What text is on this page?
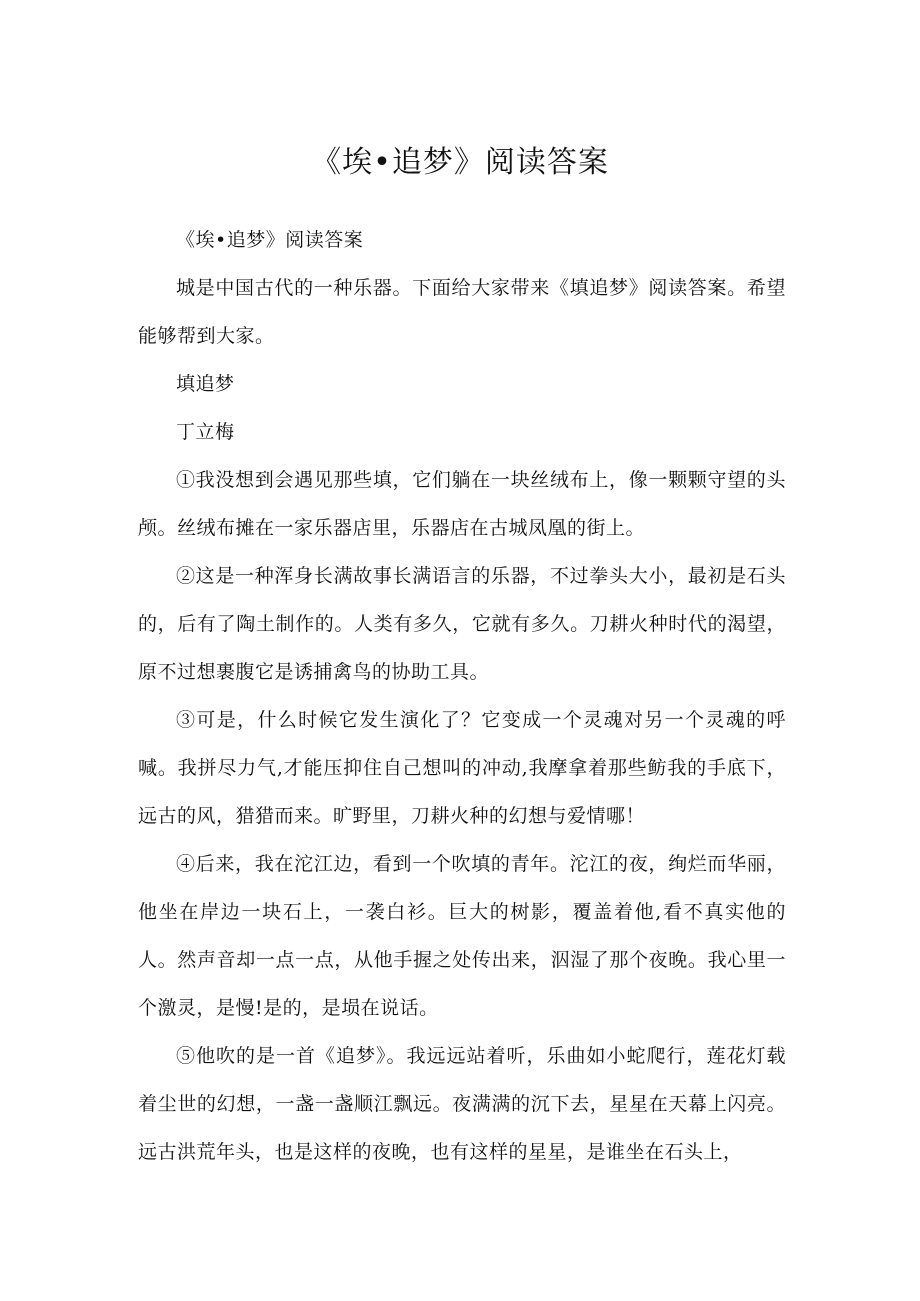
《埃•追梦》阅读答案

《埃•追梦》阅读答案

城是中国古代的一种乐器。下面给大家带来《填追梦》阅读答案。希望能够帮到大家。

填追梦

丁立梅

①我没想到会遇见那些填，它们躺在一块丝绒布上，像一颗颗守望的头颅。丝绒布摊在一家乐器店里，乐器店在古城凤凰的街上。

②这是一种浑身长满故事长满语言的乐器，不过拳头大小，最初是石头的，后有了陶土制作的。人类有多久，它就有多久。刀耕火种时代的渴望，原不过想裹腹它是诱捕禽鸟的协助工具。

③可是，什么时候它发生演化了？它变成一个灵魂对另一个灵魂的呼喊。我拼尽力气,才能压抑住自己想叫的冲动,我摩拿着那些鲂我的手底下，远古的风，猎猎而来。旷野里，刀耕火种的幻想与爱情哪！

④后来，我在沱江边，看到一个吹填的青年。沱江的夜，绚烂而华丽，他坐在岸边一块石上，一袭白衫。巨大的树影，覆盖着他,看不真实他的人。然声音却一点一点，从他手握之处传出来，泅湿了那个夜晚。我心里一个激灵，是慢!是的，是埙在说话。

⑤他吹的是一首《追梦》。我远远站着听，乐曲如小蛇爬行，莲花灯载着尘世的幻想，一盏一盏顺江飘远。夜满满的沉下去，星星在天幕上闪亮。远古洪荒年头，也是这样的夜晚，也有这样的星星，是谁坐在石头上，
